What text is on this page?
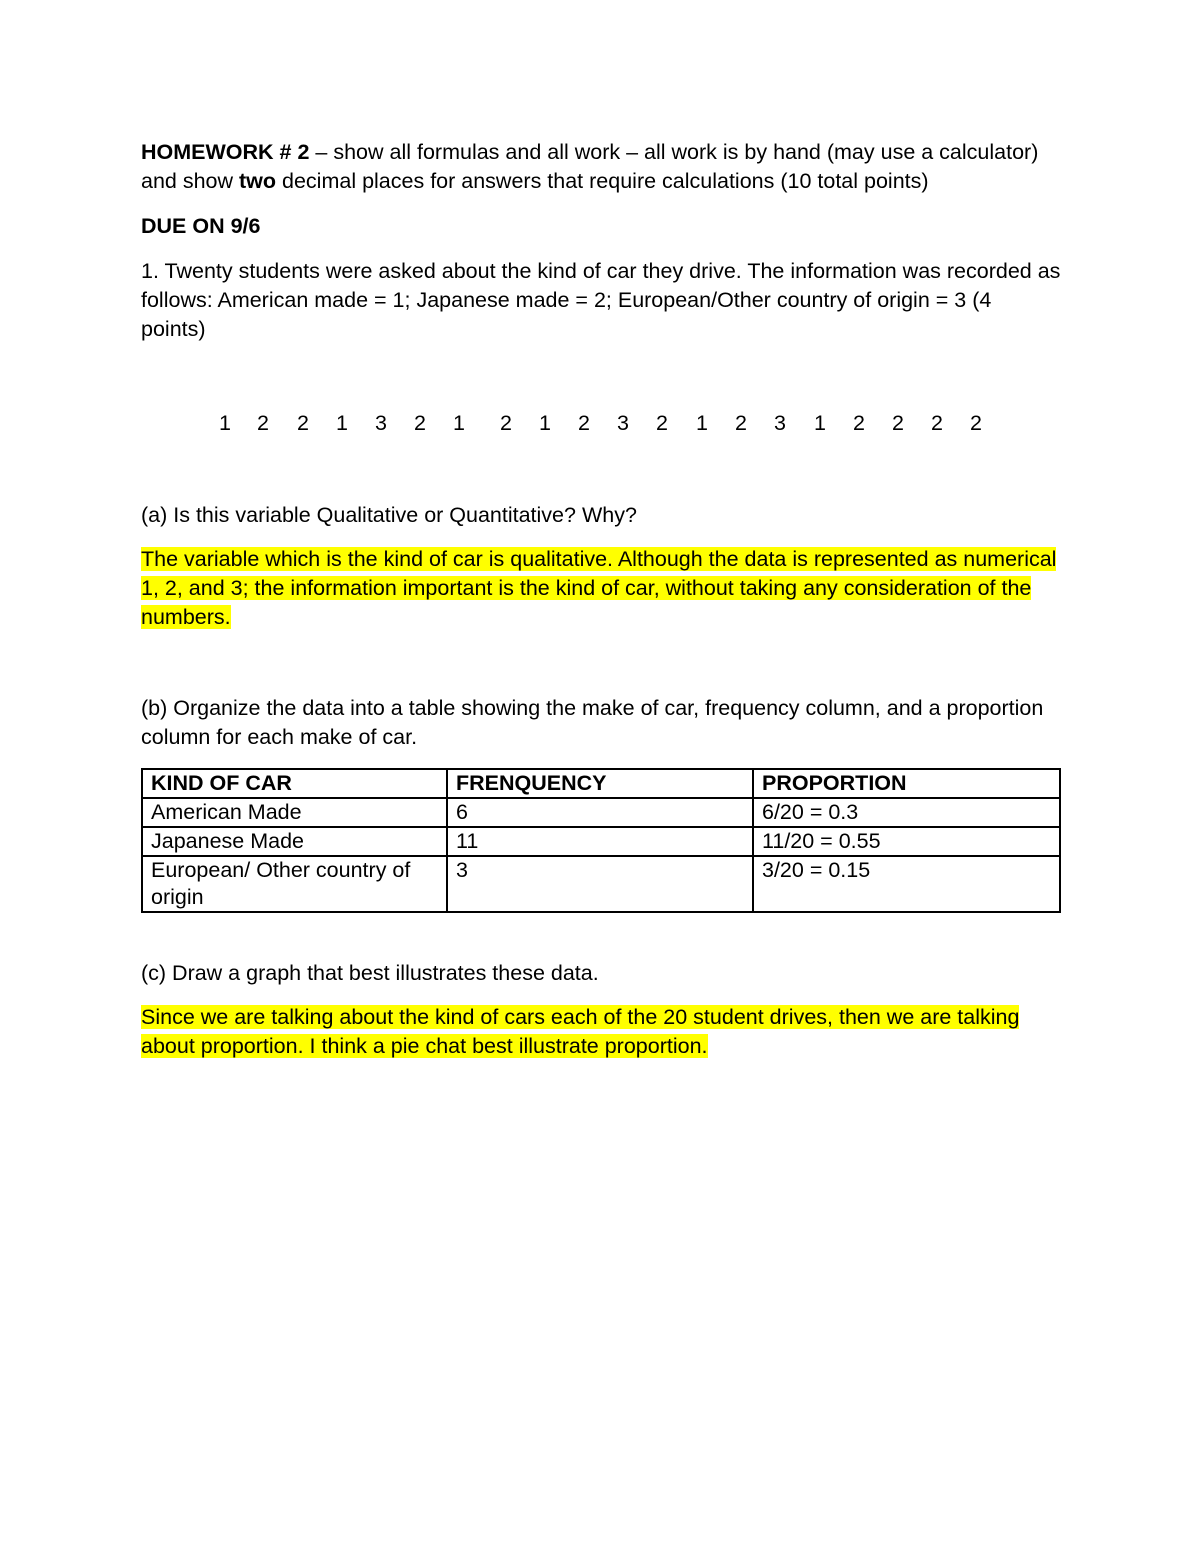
HOMEWORK # 2 – show all formulas and all work – all work is by hand (may use a calculator) and show two decimal places for answers that require calculations (10 total points)

DUE ON 9/6

1. Twenty students were asked about the kind of car they drive. The information was recorded as follows: American made = 1; Japanese made = 2; European/Other country of origin = 3 (4 points)

1 2 2 1 3 2 1 2 1 2 3 2 1 2 3 1 2 2 2 2

(a) Is this variable Qualitative or Quantitative? Why?

The variable which is the kind of car is qualitative. Although the data is represented as numerical 1, 2, and 3; the information important is the kind of car, without taking any consideration of the numbers.

(b) Organize the data into a table showing the make of car, frequency column, and a proportion column for each make of car.

KIND OF CAR	FRENQUENCY	PROPORTION
American Made	6	6/20 = 0.3
Japanese Made	11	11/20 = 0.55
European/ Other country of origin	3	3/20 = 0.15

(c) Draw a graph that best illustrates these data.

Since we are talking about the kind of cars each of the 20 student drives, then we are talking about proportion. I think a pie chat best illustrate proportion.
